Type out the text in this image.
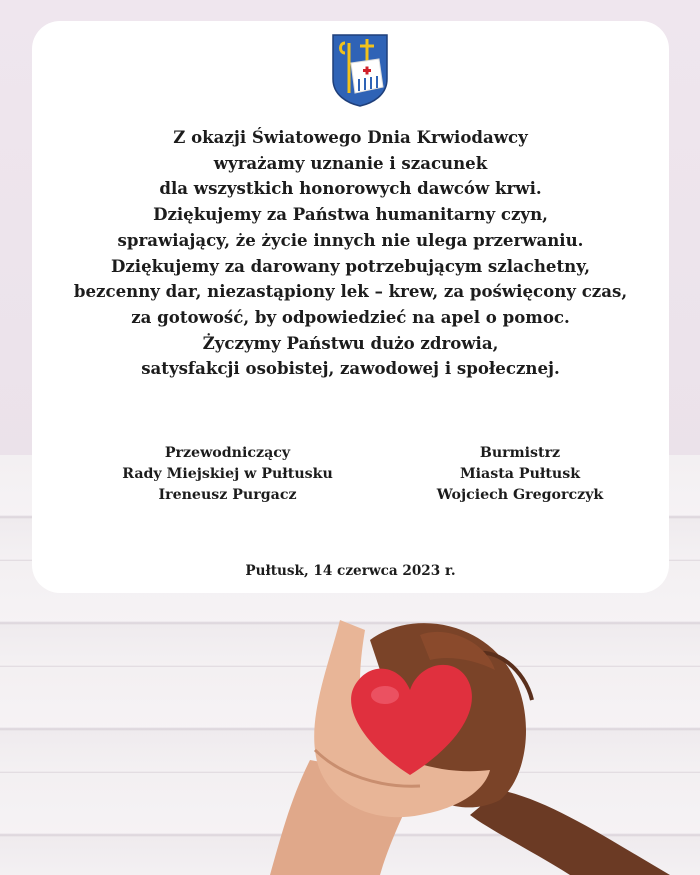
Z okazji Światowego Dnia Krwiodawcy
wyrażamy uznanie i szacunek
dla wszystkich honorowych dawców krwi.
Dziękujemy za Państwa humanitarny czyn,
sprawiający, że życie innych nie ulega przerwaniu.
Dziękujemy za darowany potrzebującym szlachetny,
bezcenny dar, niezastąpiony lek – krew, za poświęcony czas,
za gotowość, by odpowiedzieć na apel o pomoc.
Życzymy Państwu dużo zdrowia,
satysfakcji osobistej, zawodowej i społecznej.
Przewodniczący
Rady Miejskiej w Pułtusku
Ireneusz Purgacz
Burmistrz
Miasta Pułtusk
Wojciech Gregorczyk
Pułtusk, 14 czerwca 2023 r.
